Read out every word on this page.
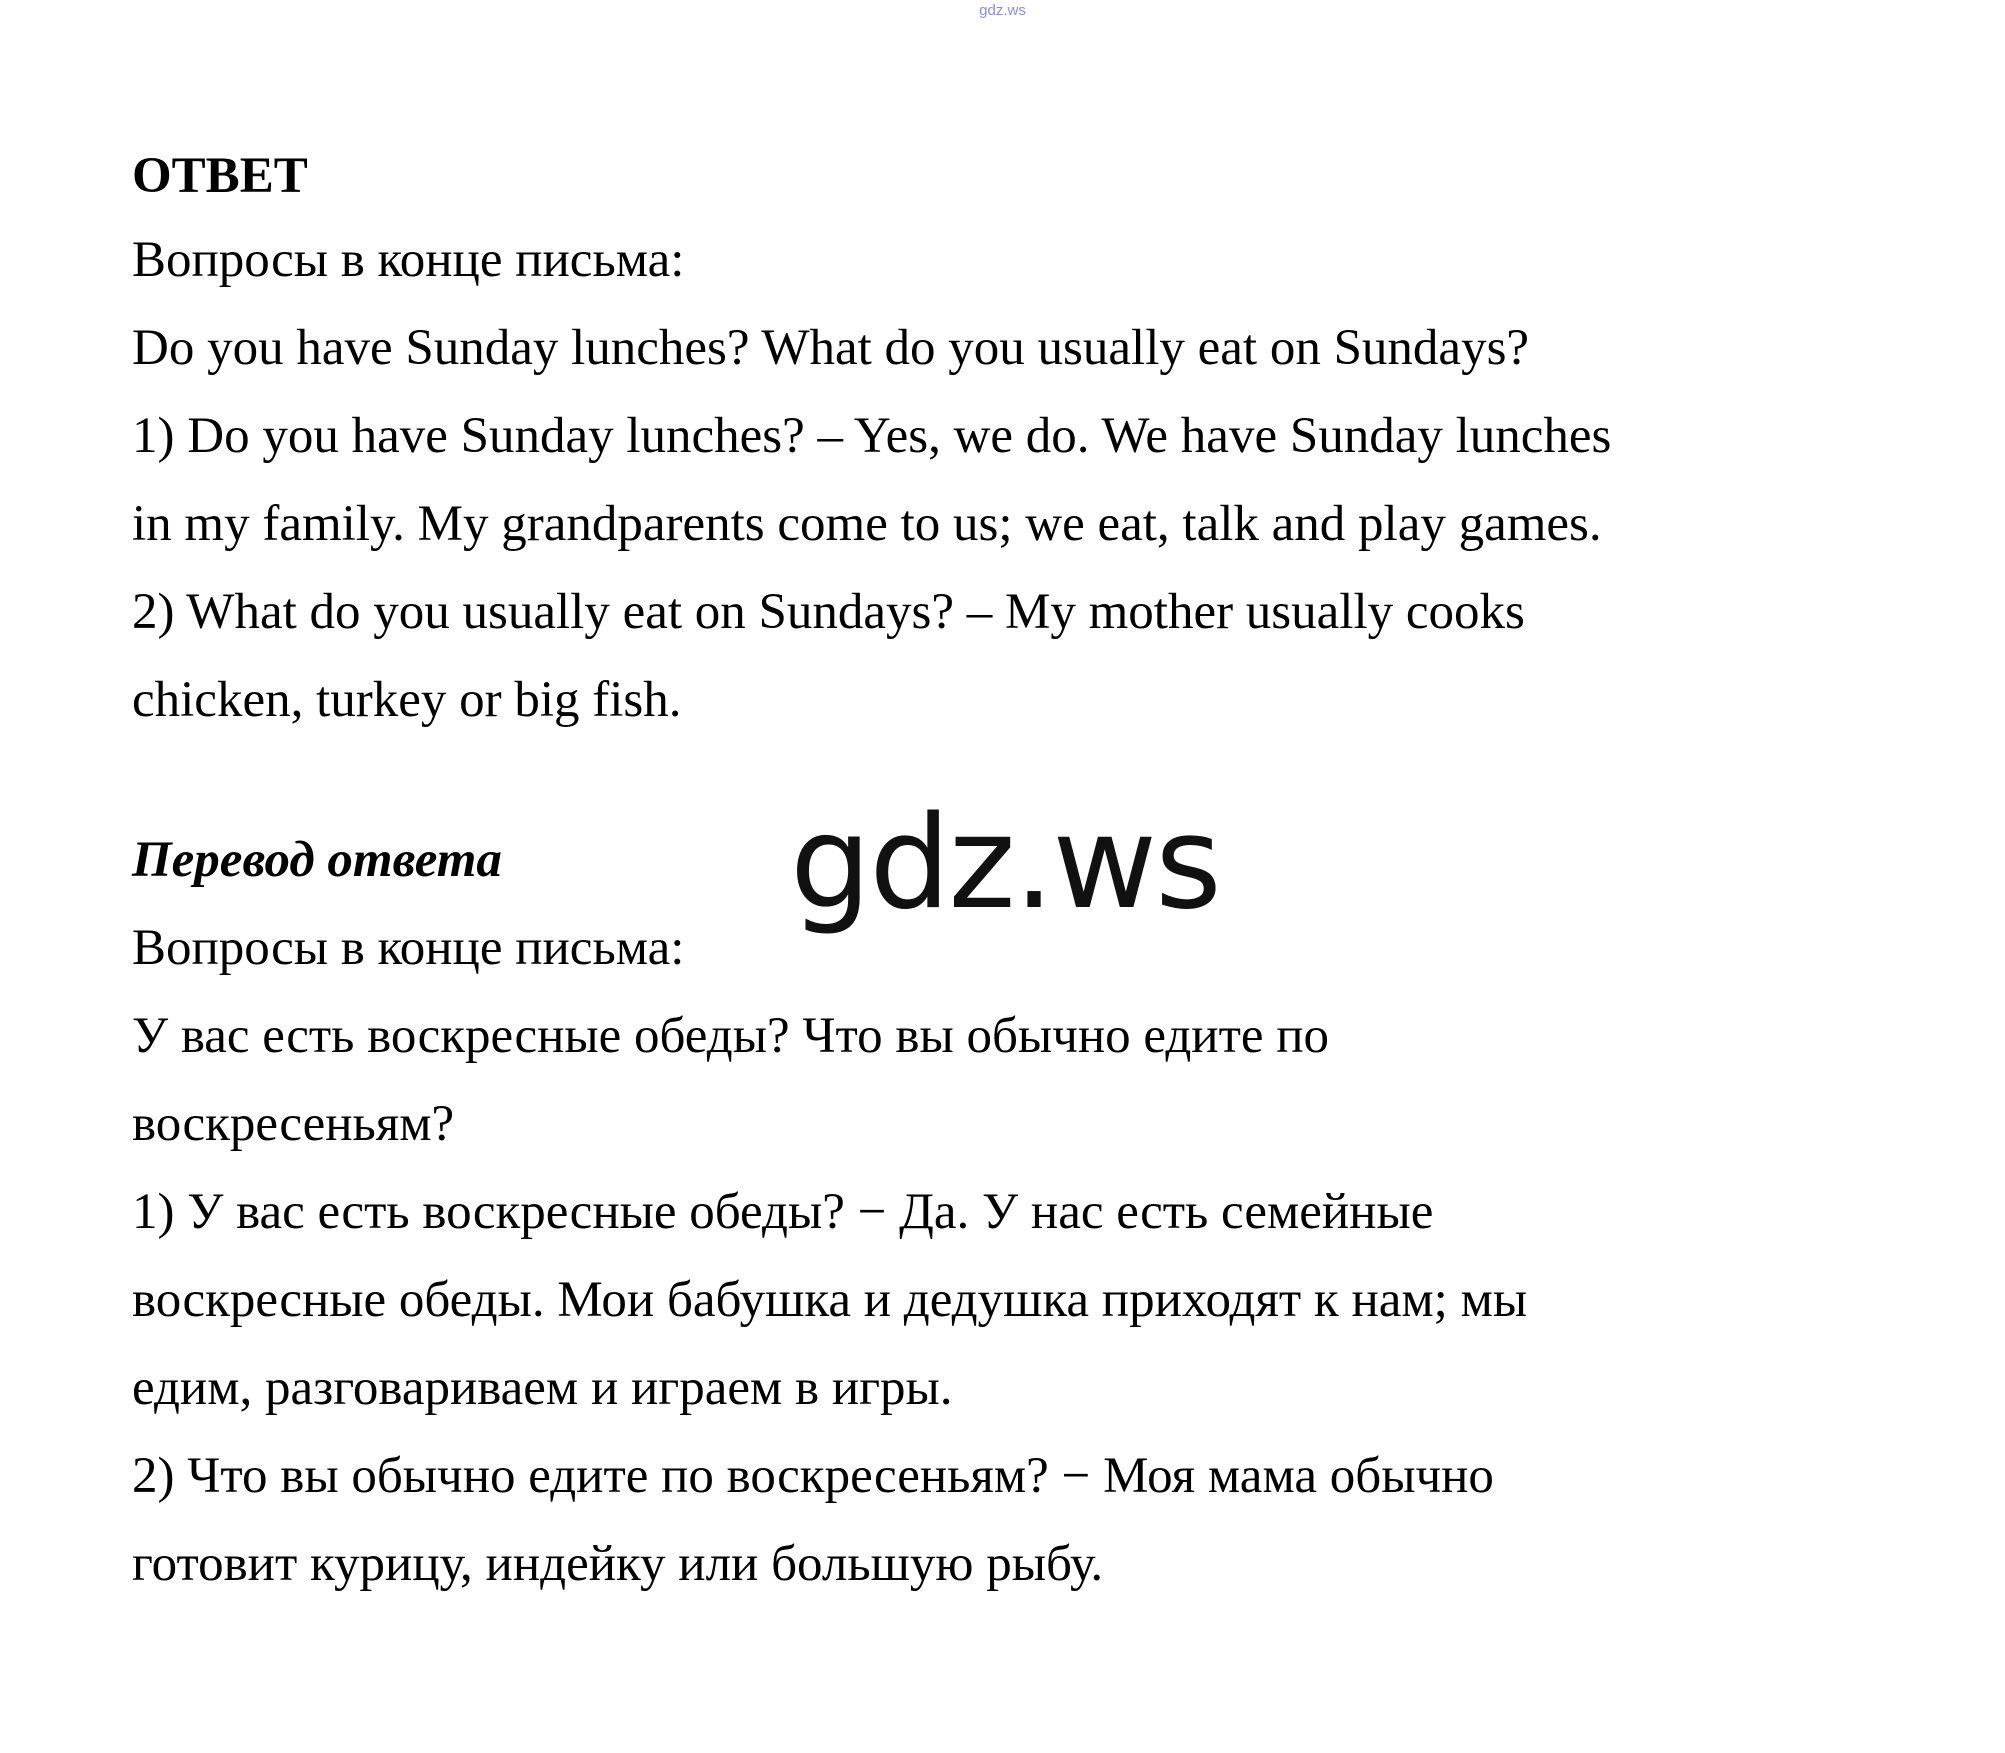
gdz.ws

ОТВЕТ

Вопросы в конце письма:

Do you have Sunday lunches? What do you usually eat on Sundays?

1) Do you have Sunday lunches? – Yes, we do. We have Sunday lunches

in my family. My grandparents come to us; we eat, talk and play games.

2) What do you usually eat on Sundays? – My mother usually cooks

chicken, turkey or big fish.

Перевод ответа

Вопросы в конце письма:

У вас есть воскресные обеды? Что вы обычно едите по

воскресеньям?

1) У вас есть воскресные обеды? − Да. У нас есть семейные

воскресные обеды. Мои бабушка и дедушка приходят к нам; мы

едим, разговариваем и играем в игры.

2) Что вы обычно едите по воскресеньям? − Моя мама обычно

готовит курицу, индейку или большую рыбу.

gdz.ws
